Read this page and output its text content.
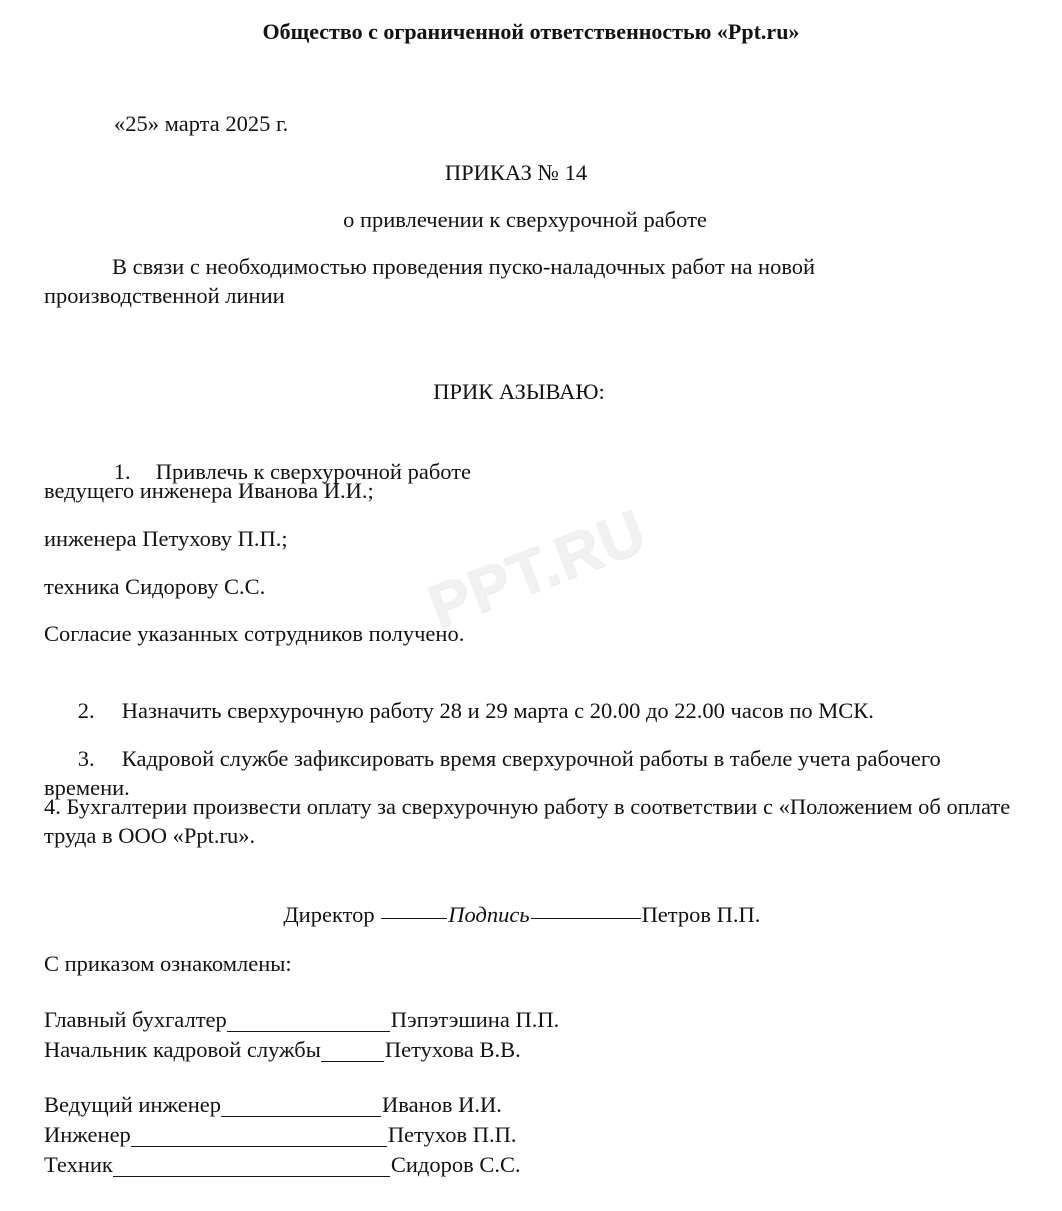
PPT.RU
Общество с ограниченной ответственностью «Ppt.ru»
«25» марта 2025 г.
ПРИКАЗ № 14
о привлечении к сверхурочной работе
В связи с необходимостью проведения пуско-наладочных работ на новой производственной линии
ПРИК АЗЫВАЮ:

1. Привлечь к сверхурочной работе

ведущего инженера Иванова И.И.;
инженера Петухову П.П.;
техника Сидорову С.С.
Согласие указанных сотрудников получено.

2. Назначить сверхурочную работу 28 и 29 марта с 20.00 до 22.00 часов по МСК.

3. Кадровой службе зафиксировать время сверхурочной работы в табеле учета рабочего времени.

4. Бухгалтерии произвести оплату за сверхурочную работу в соответствии с «Положением об оплате труда в ООО «Ppt.ru».

Директор	Подпись	Петров П.П.

С приказом ознакомлены:
Главный бухгалтер	Пэпэтэшина П.П.
Начальник кадровой службы	Петухова В.В.
Ведущий инженер	Иванов И.И.
Инженер	Петухов П.П.
Техник	Сидоров С.С.
